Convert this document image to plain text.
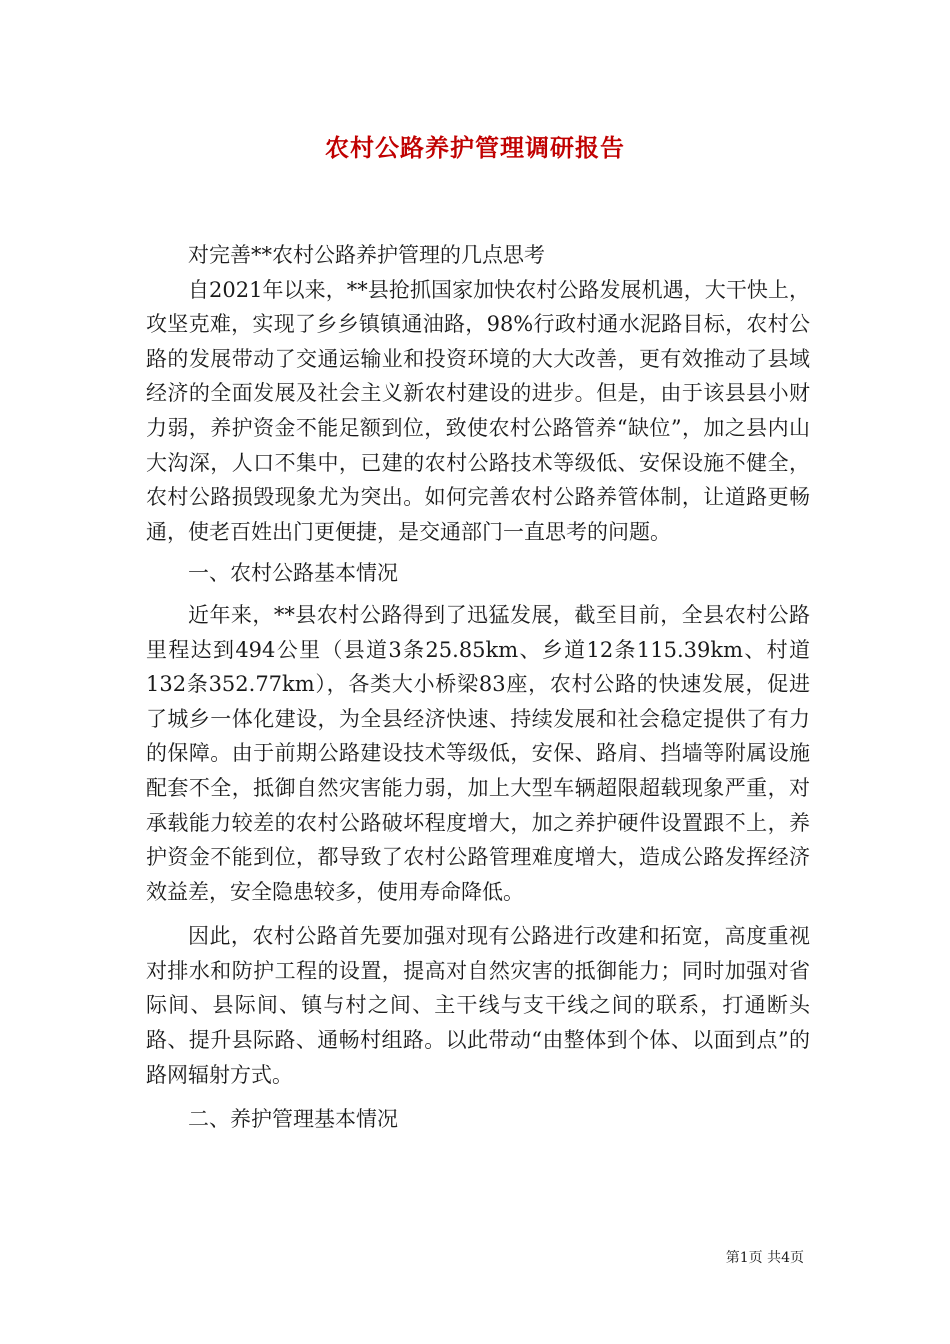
农村公路养护管理调研报告

对完善**农村公路养护管理的几点思考

自2021年以来，**县抢抓国家加快农村公路发展机遇，大干快上，攻坚克难，实现了乡乡镇镇通油路，98%行政村通水泥路目标，农村公路的发展带动了交通运输业和投资环境的大大改善，更有效推动了县域经济的全面发展及社会主义新农村建设的进步。但是，由于该县县小财力弱，养护资金不能足额到位，致使农村公路管养“缺位”，加之县内山大沟深，人口不集中，已建的农村公路技术等级低、安保设施不健全，农村公路损毁现象尤为突出。如何完善农村公路养管体制，让道路更畅通，使老百姓出门更便捷，是交通部门一直思考的问题。

一、农村公路基本情况

近年来，**县农村公路得到了迅猛发展，截至目前，全县农村公路里程达到494公里（县道3条25.85km、乡道12条115.39km、村道132条352.77km），各类大小桥梁83座，农村公路的快速发展，促进了城乡一体化建设，为全县经济快速、持续发展和社会稳定提供了有力的保障。由于前期公路建设技术等级低，安保、路肩、挡墙等附属设施配套不全，抵御自然灾害能力弱，加上大型车辆超限超载现象严重，对承载能力较差的农村公路破坏程度增大，加之养护硬件设置跟不上，养护资金不能到位，都导致了农村公路管理难度增大，造成公路发挥经济效益差，安全隐患较多，使用寿命降低。

因此，农村公路首先要加强对现有公路进行改建和拓宽，高度重视对排水和防护工程的设置，提高对自然灾害的抵御能力；同时加强对省际间、县际间、镇与村之间、主干线与支干线之间的联系，打通断头路、提升县际路、通畅村组路。以此带动“由整体到个体、以面到点”的路网辐射方式。

二、养护管理基本情况

第1页 共4页
